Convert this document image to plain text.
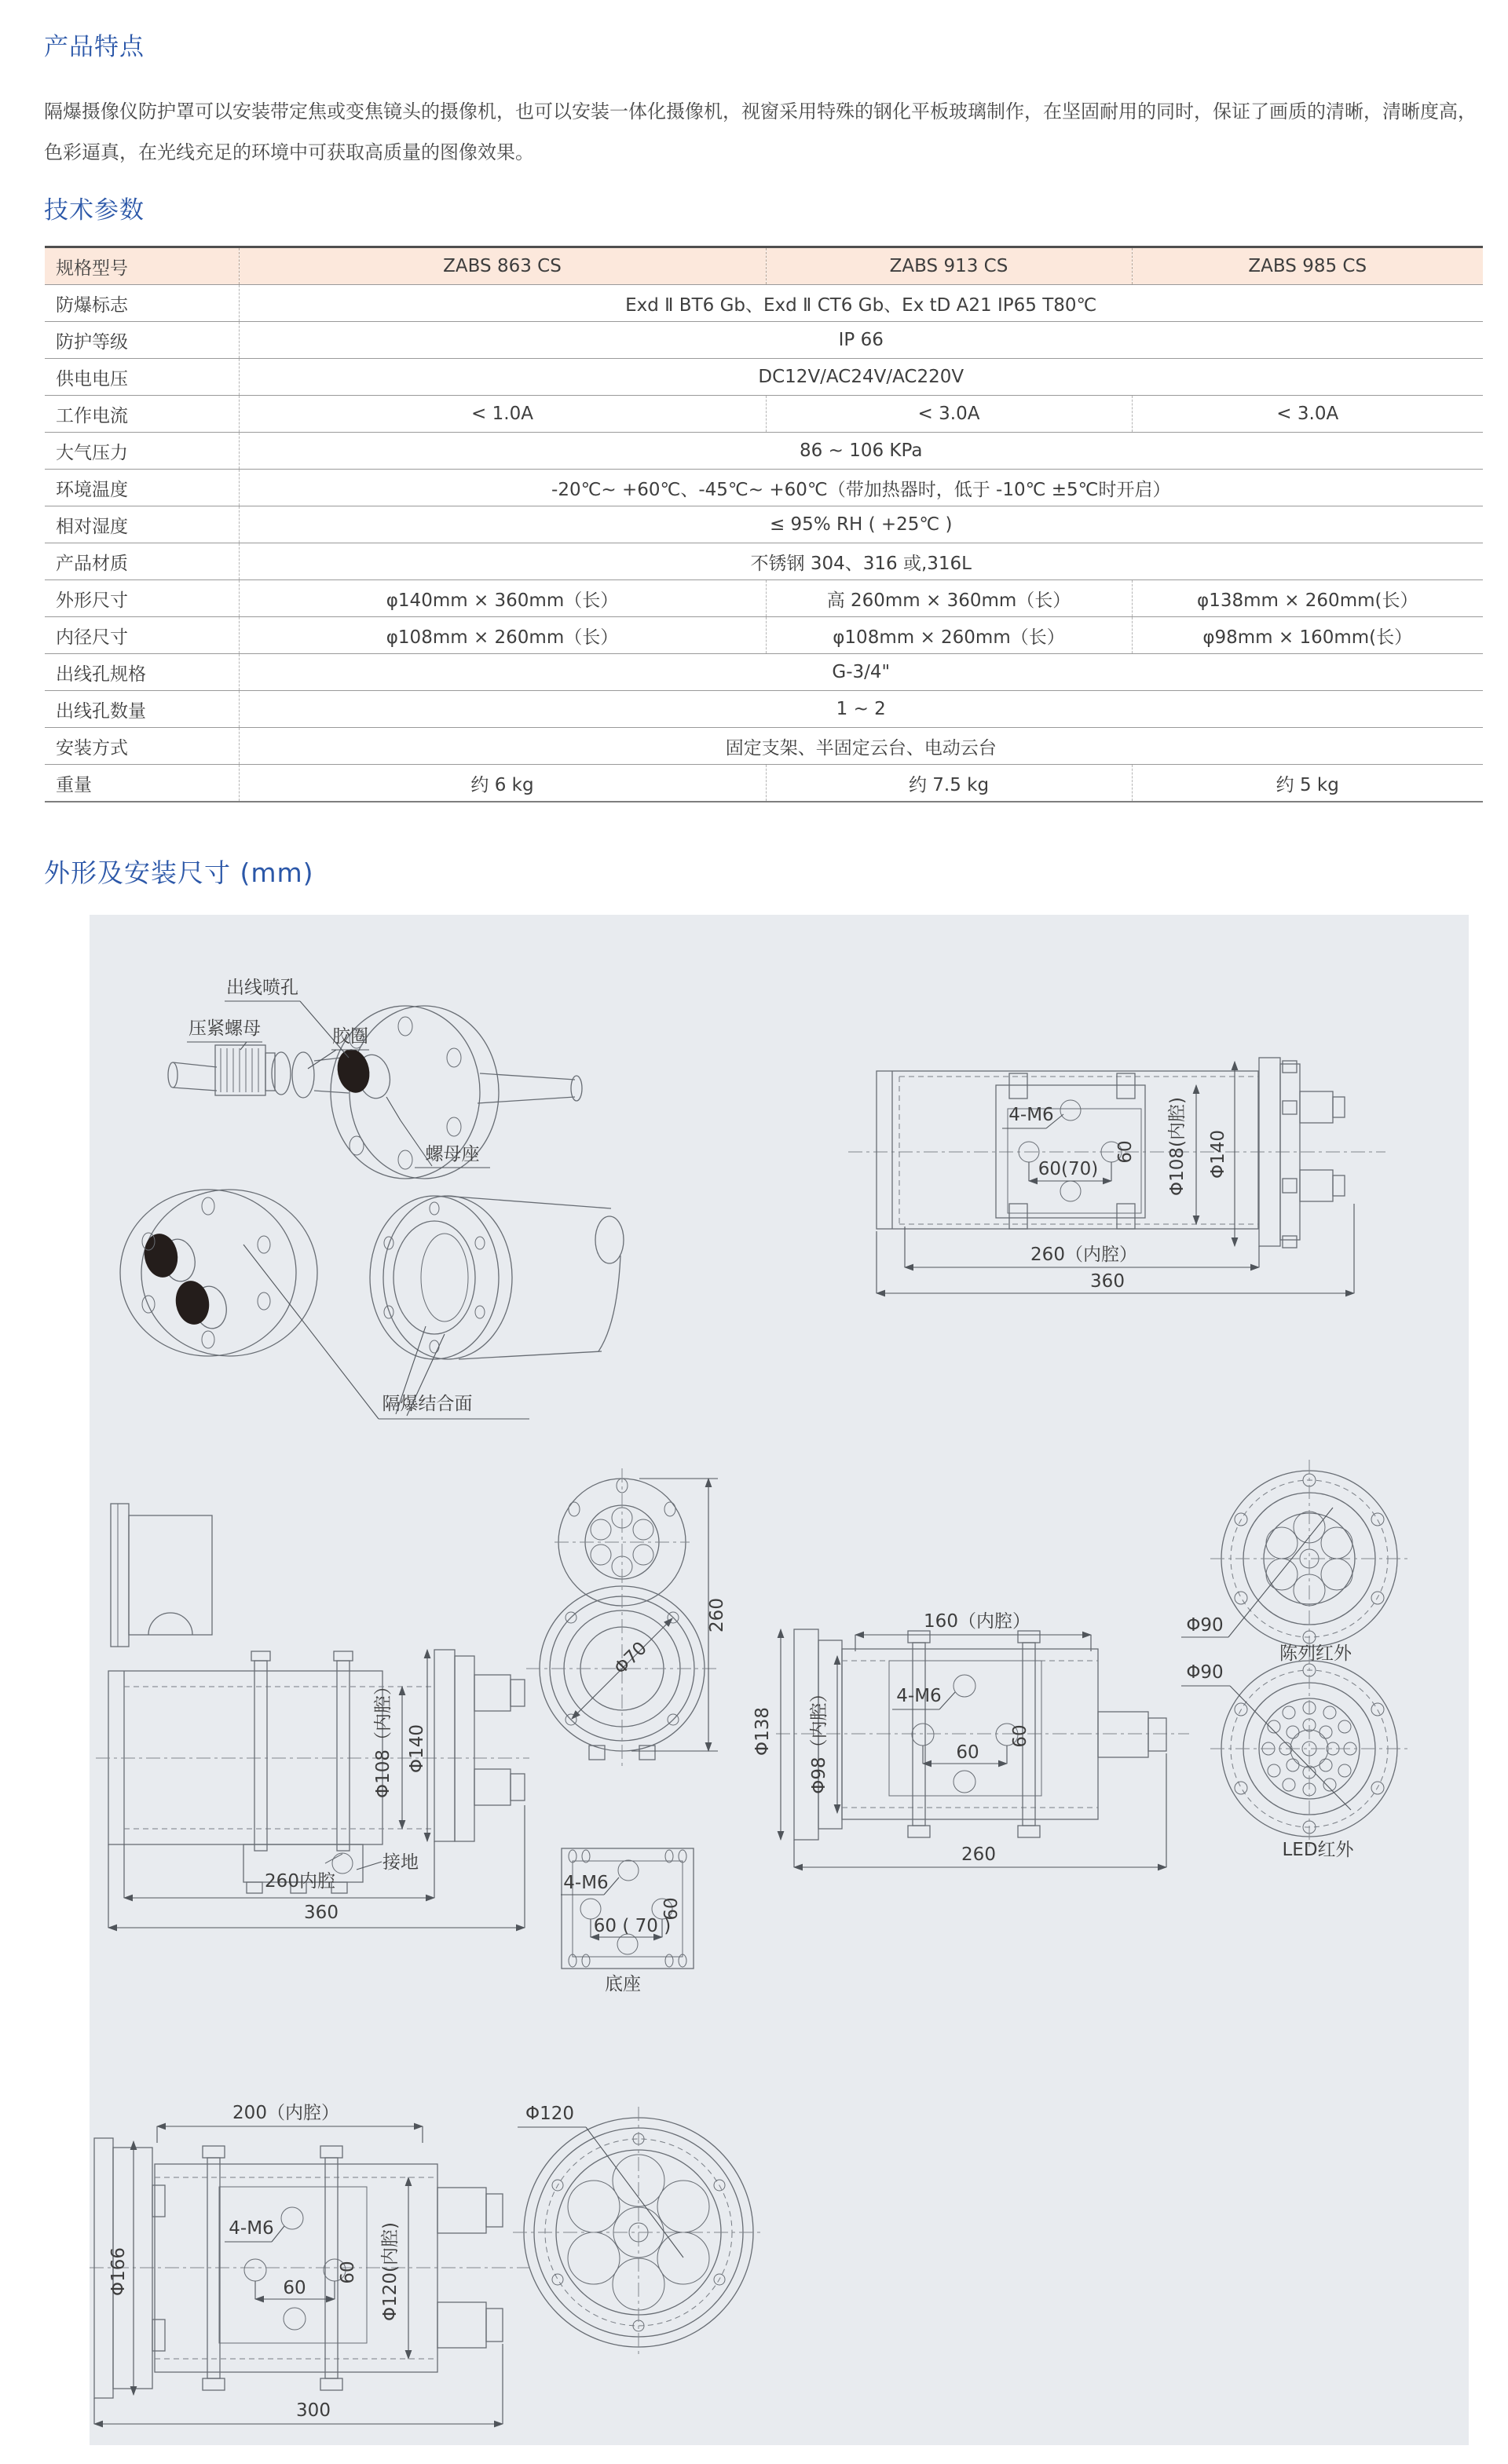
产品特点

隔爆摄像仪防护罩可以安装带定焦或变焦镜头的摄像机，也可以安装一体化摄像机，视窗采用特殊的钢化平板玻璃制作，在坚固耐用的同时，保证了画质的清晰，清晰度高，色彩逼真，在光线充足的环境中可获取高质量的图像效果。

技术参数
规格型号	ZABS 863 CS	ZABS 913 CS	ZABS 985 CS
防爆标志	Exd Ⅱ BT6 Gb、Exd Ⅱ CT6 Gb、Ex tD A21 IP65 T80℃		
防护等级	IP 66		
供电电压	DC12V/AC24V/AC220V		
工作电流	< 1.0A	< 3.0A	< 3.0A
大气压力	86 ~ 106 KPa		
环境温度	-20℃~ +60℃、-45℃~ +60℃（带加热器时，低于 -10℃ ±5℃时开启）		
相对湿度	≤ 95% RH ( +25℃ )		
产品材质	不锈钢 304、316 或,316L		
外形尺寸	φ140mm × 360mm（长）	高 260mm × 360mm（长）	φ138mm × 260mm(长）
内径尺寸	φ108mm × 260mm（长）	φ108mm × 260mm（长）	φ98mm × 160mm(长）
出线孔规格	G-3/4"		
出线孔数量	1 ~ 2		
安装方式	固定支架、半固定云台、电动云台		
重量	约 6 kg	约 7.5 kg	约 5 kg
外形及安装尺寸 (mm)
出线喷孔
压紧螺母	胶圈
螺母座
4-M6
60(70)
60 Φ108(内腔) Φ140
260（内腔）
360
隔爆结合面
Φ108（内腔） Φ140
接地
260内腔
360
Φ70
260
4-M6
60 ( 70 )
60
底座
160（内腔）
Φ138 Φ98（内腔）	4-M6
60
60
260
Φ90
陈列红外
Φ90
LED红外
200（内腔）
Φ166
4-M6
60
60 Φ120(内腔)
300
Φ120
